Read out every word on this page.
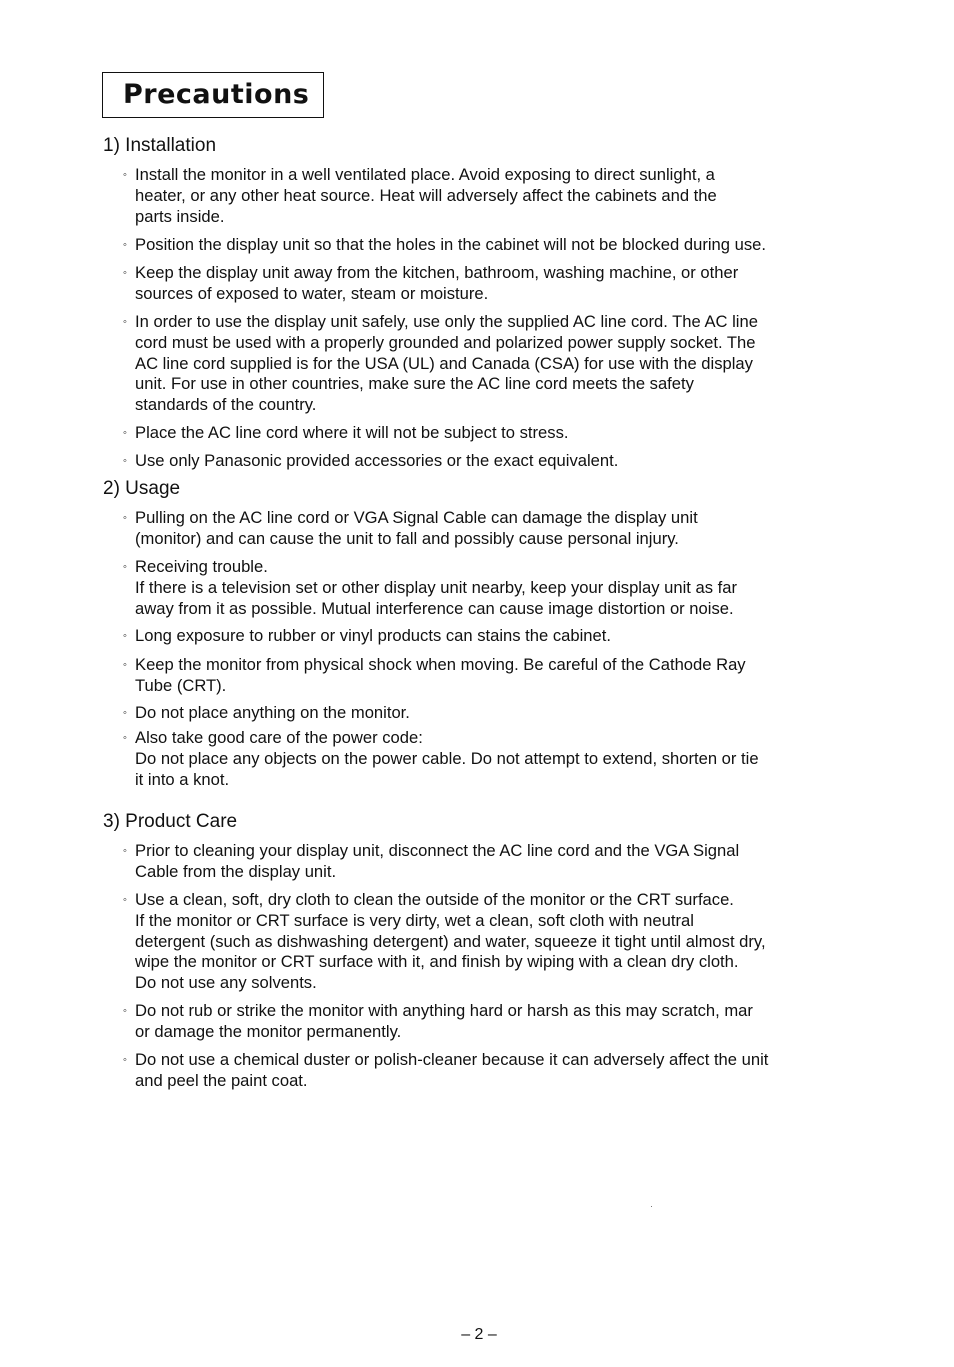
Precautions
1) Installation
◦ Install the monitor in a well ventilated place. Avoid exposing to direct sunlight, a
heater, or any other heat source. Heat will adversely affect the cabinets and the
parts inside.
◦ Position the display unit so that the holes in the cabinet will not be blocked during use.
◦ Keep the display unit away from the kitchen, bathroom, washing machine, or other
sources of exposed to water, steam or moisture.
◦ In order to use the display unit safely, use only the supplied AC line cord. The AC line
cord must be used with a properly grounded and polarized power supply socket. The
AC line cord supplied is for the USA (UL) and Canada (CSA) for use with the display
unit. For use in other countries, make sure the AC line cord meets the safety
standards of the country.
◦ Place the AC line cord where it will not be subject to stress.
◦ Use only Panasonic provided accessories or the exact equivalent.
2) Usage
◦ Pulling on the AC line cord or VGA Signal Cable can damage the display unit
(monitor) and can cause the unit to fall and possibly cause personal injury.
◦ Receiving trouble.
If there is a television set or other display unit nearby, keep your display unit as far
away from it as possible. Mutual interference can cause image distortion or noise.
◦ Long exposure to rubber or vinyl products can stains the cabinet.
◦ Keep the monitor from physical shock when moving. Be careful of the Cathode Ray
Tube (CRT).
◦ Do not place anything on the monitor.
◦ Also take good care of the power code:
Do not place any objects on the power cable. Do not attempt to extend, shorten or tie
it into a knot.
3) Product Care
◦ Prior to cleaning your display unit, disconnect the AC line cord and the VGA Signal
Cable from the display unit.
◦ Use a clean, soft, dry cloth to clean the outside of the monitor or the CRT surface.
If the monitor or CRT surface is very dirty, wet a clean, soft cloth with neutral
detergent (such as dishwashing detergent) and water, squeeze it tight until almost dry,
wipe the monitor or CRT surface with it, and finish by wiping with a clean dry cloth.
Do not use any solvents.
◦ Do not rub or strike the monitor with anything hard or harsh as this may scratch, mar
or damage the monitor permanently.
◦ Do not use a chemical duster or polish-cleaner because it can adversely affect the unit
and peel the paint coat.
– 2 –
